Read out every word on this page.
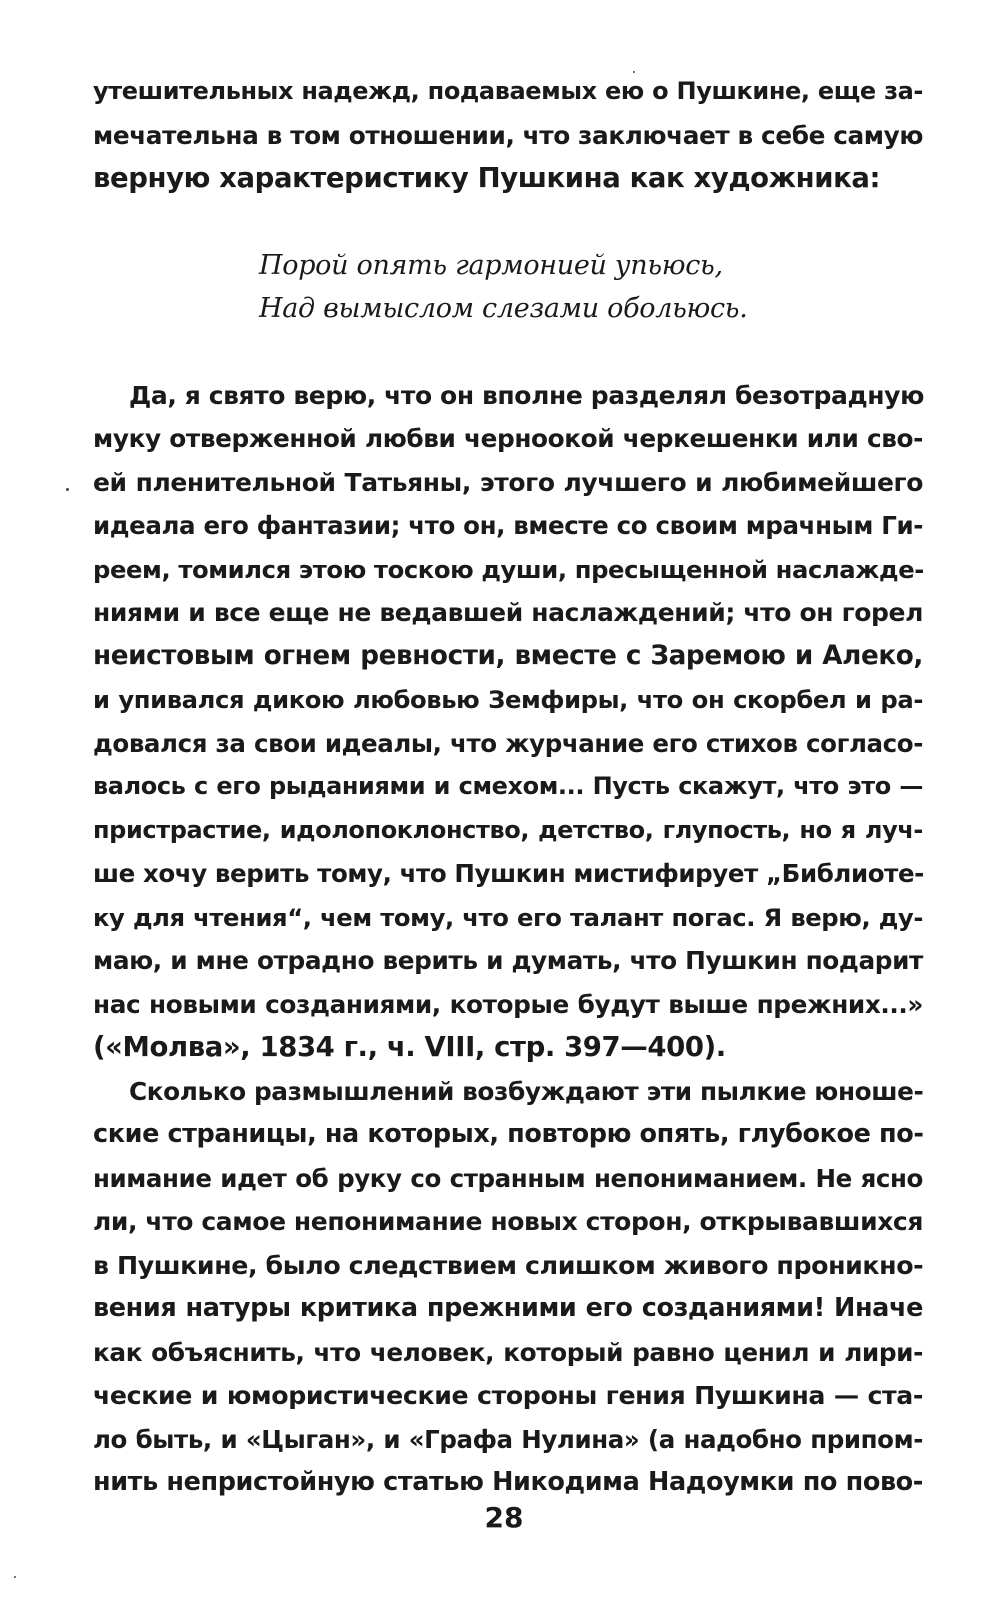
утешительных надежд, подаваемых ею о Пушкине, еще за-
мечательна в том отношении, что заключает в себе самую
верную характеристику Пушкина как художника:
Порой опять гармонией упьюсь,
Над вымыслом слезами обольюсь.
Да, я свято верю, что он вполне разделял безотрадную
муку отверженной любви черноокой черкешенки или сво-
ей пленительной Татьяны, этого лучшего и любимейшего
идеала его фантазии; что он, вместе со своим мрачным Ги-
реем, томился этою тоскою души, пресыщенной наслажде-
ниями и все еще не ведавшей наслаждений; что он горел
неистовым огнем ревности, вместе с Заремою и Алеко,
и упивался дикою любовью Земфиры, что он скорбел и ра-
довался за свои идеалы, что журчание его стихов согласо-
валось с его рыданиями и смехом... Пусть скажут, что это —
пристрастие, идолопоклонство, детство, глупость, но я луч-
ше хочу верить тому, что Пушкин мистифирует „Библиоте-
ку для чтения“, чем тому, что его талант погас. Я верю, ду-
маю, и мне отрадно верить и думать, что Пушкин подарит
нас новыми созданиями, которые будут выше прежних...»
(«Молва», 1834 г., ч. VIII, стр. 397—400).
Сколько размышлений возбуждают эти пылкие юноше-
ские страницы, на которых, повторю опять, глубокое по-
нимание идет об руку со странным непониманием. Не ясно
ли, что самое непонимание новых сторон, открывавшихся
в Пушкине, было следствием слишком живого проникно-
вения натуры критика прежними его созданиями! Иначе
как объяснить, что человек, который равно ценил и лири-
ческие и юмористические стороны гения Пушкина — ста-
ло быть, и «Цыган», и «Графа Нулина» (а надобно припом-
нить непристойную статью Никодима Надоумки по пово-
28
